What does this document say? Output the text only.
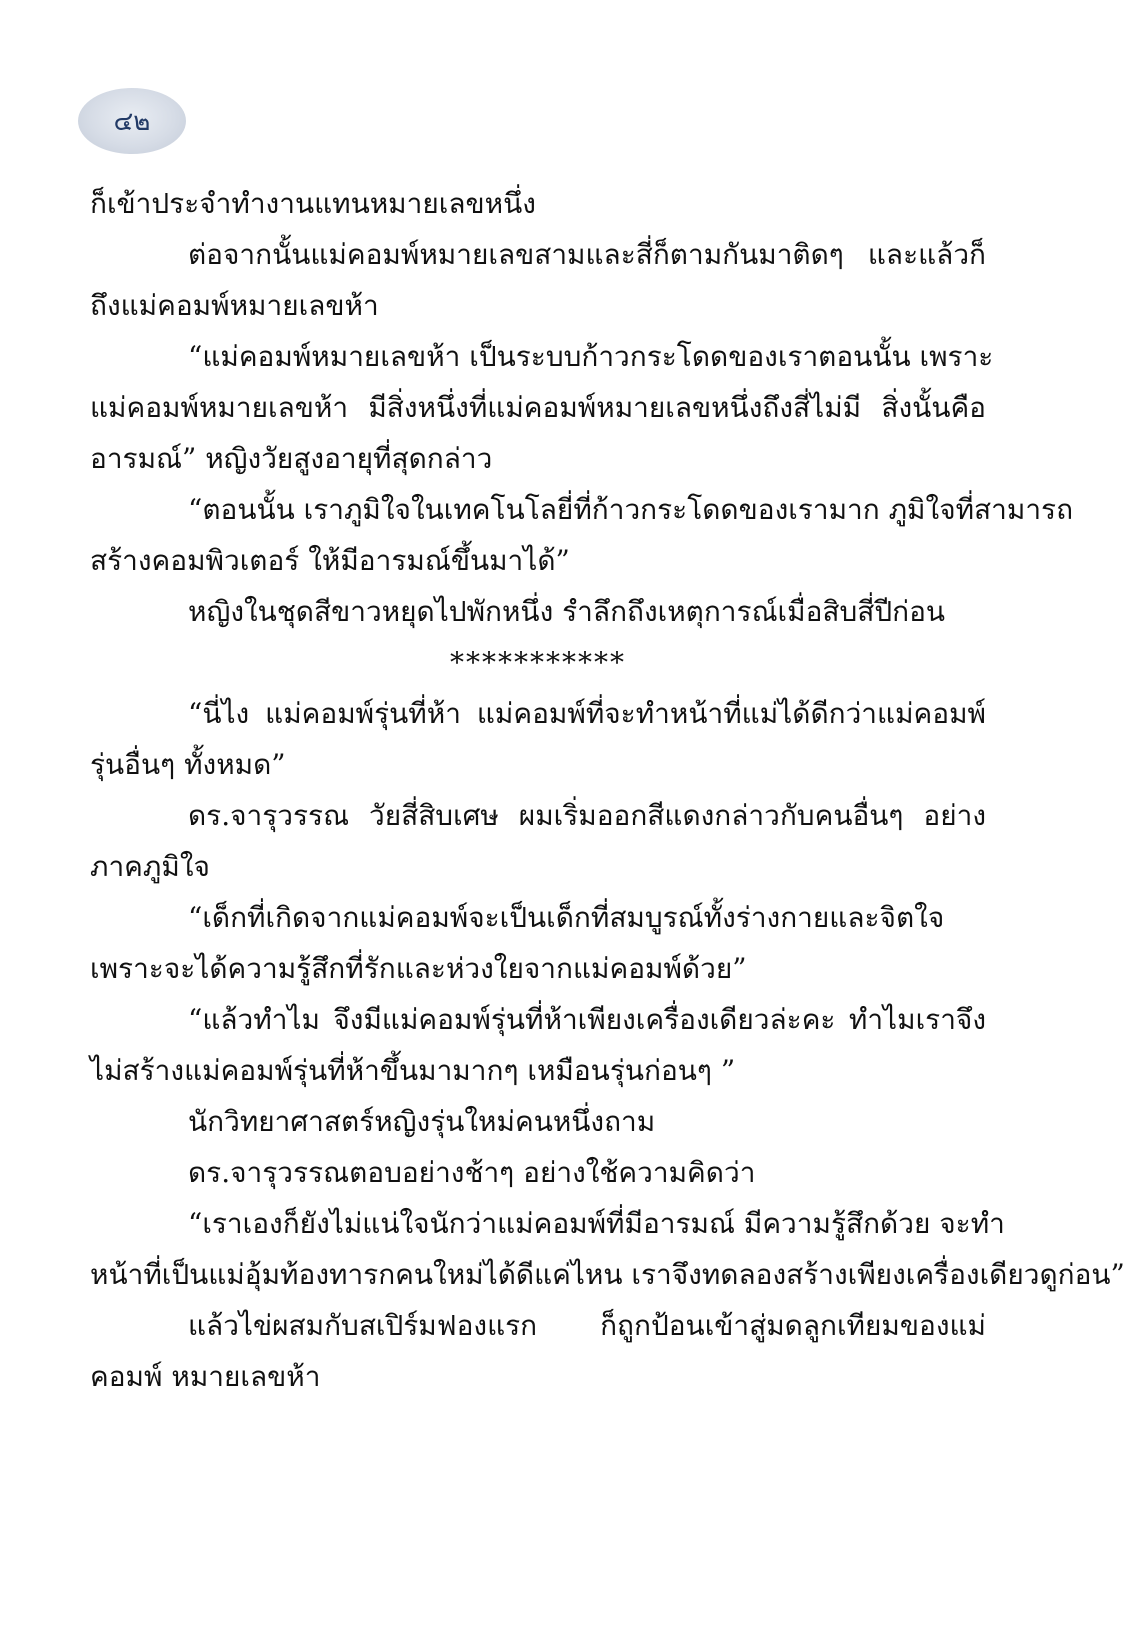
๔๒
ก็เข้าประจำทำงานแทนหมายเลขหนึ่ง
ต่อจากนั้นแม่คอมพ์หมายเลขสามและสี่ก็ตามกันมาติดๆ และแล้วก็
ถึงแม่คอมพ์หมายเลขห้า
“แม่คอมพ์หมายเลขห้า เป็นระบบก้าวกระโดดของเราตอนนั้น เพราะ
แม่คอมพ์หมายเลขห้า มีสิ่งหนึ่งที่แม่คอมพ์หมายเลขหนึ่งถึงสี่ไม่มี สิ่งนั้นคือ
อารมณ์” หญิงวัยสูงอายุที่สุดกล่าว
“ตอนนั้น เราภูมิใจในเทคโนโลยี่ที่ก้าวกระโดดของเรามาก ภูมิใจที่สามารถ
สร้างคอมพิวเตอร์ ให้มีอารมณ์ขึ้นมาได้”
หญิงในชุดสีขาวหยุดไปพักหนึ่ง รำลึกถึงเหตุการณ์เมื่อสิบสี่ปีก่อน
***********
“นี่ไง แม่คอมพ์รุ่นที่ห้า แม่คอมพ์ที่จะทำหน้าที่แม่ได้ดีกว่าแม่คอมพ์
รุ่นอื่นๆ ทั้งหมด”
ดร.จารุวรรณ วัยสี่สิบเศษ ผมเริ่มออกสีแดงกล่าวกับคนอื่นๆ อย่าง
ภาคภูมิใจ
“เด็กที่เกิดจากแม่คอมพ์จะเป็นเด็กที่สมบูรณ์ทั้งร่างกายและจิตใจ
เพราะจะได้ความรู้สึกที่รักและห่วงใยจากแม่คอมพ์ด้วย”
“แล้วทำไม จึงมีแม่คอมพ์รุ่นที่ห้าเพียงเครื่องเดียวล่ะคะ ทำไมเราจึง
ไม่สร้างแม่คอมพ์รุ่นที่ห้าขึ้นมามากๆ เหมือนรุ่นก่อนๆ ”
นักวิทยาศาสตร์หญิงรุ่นใหม่คนหนึ่งถาม
ดร.จารุวรรณตอบอย่างช้าๆ อย่างใช้ความคิดว่า
“เราเองก็ยังไม่แน่ใจนักว่าแม่คอมพ์ที่มีอารมณ์ มีความรู้สึกด้วย จะทำ
หน้าที่เป็นแม่อุ้มท้องทารกคนใหม่ได้ดีแค่ไหน เราจึงทดลองสร้างเพียงเครื่องเดียวดูก่อน”
แล้วไข่ผสมกับสเปิร์มฟองแรก ก็ถูกป้อนเข้าสู่มดลูกเทียมของแม่
คอมพ์ หมายเลขห้า
